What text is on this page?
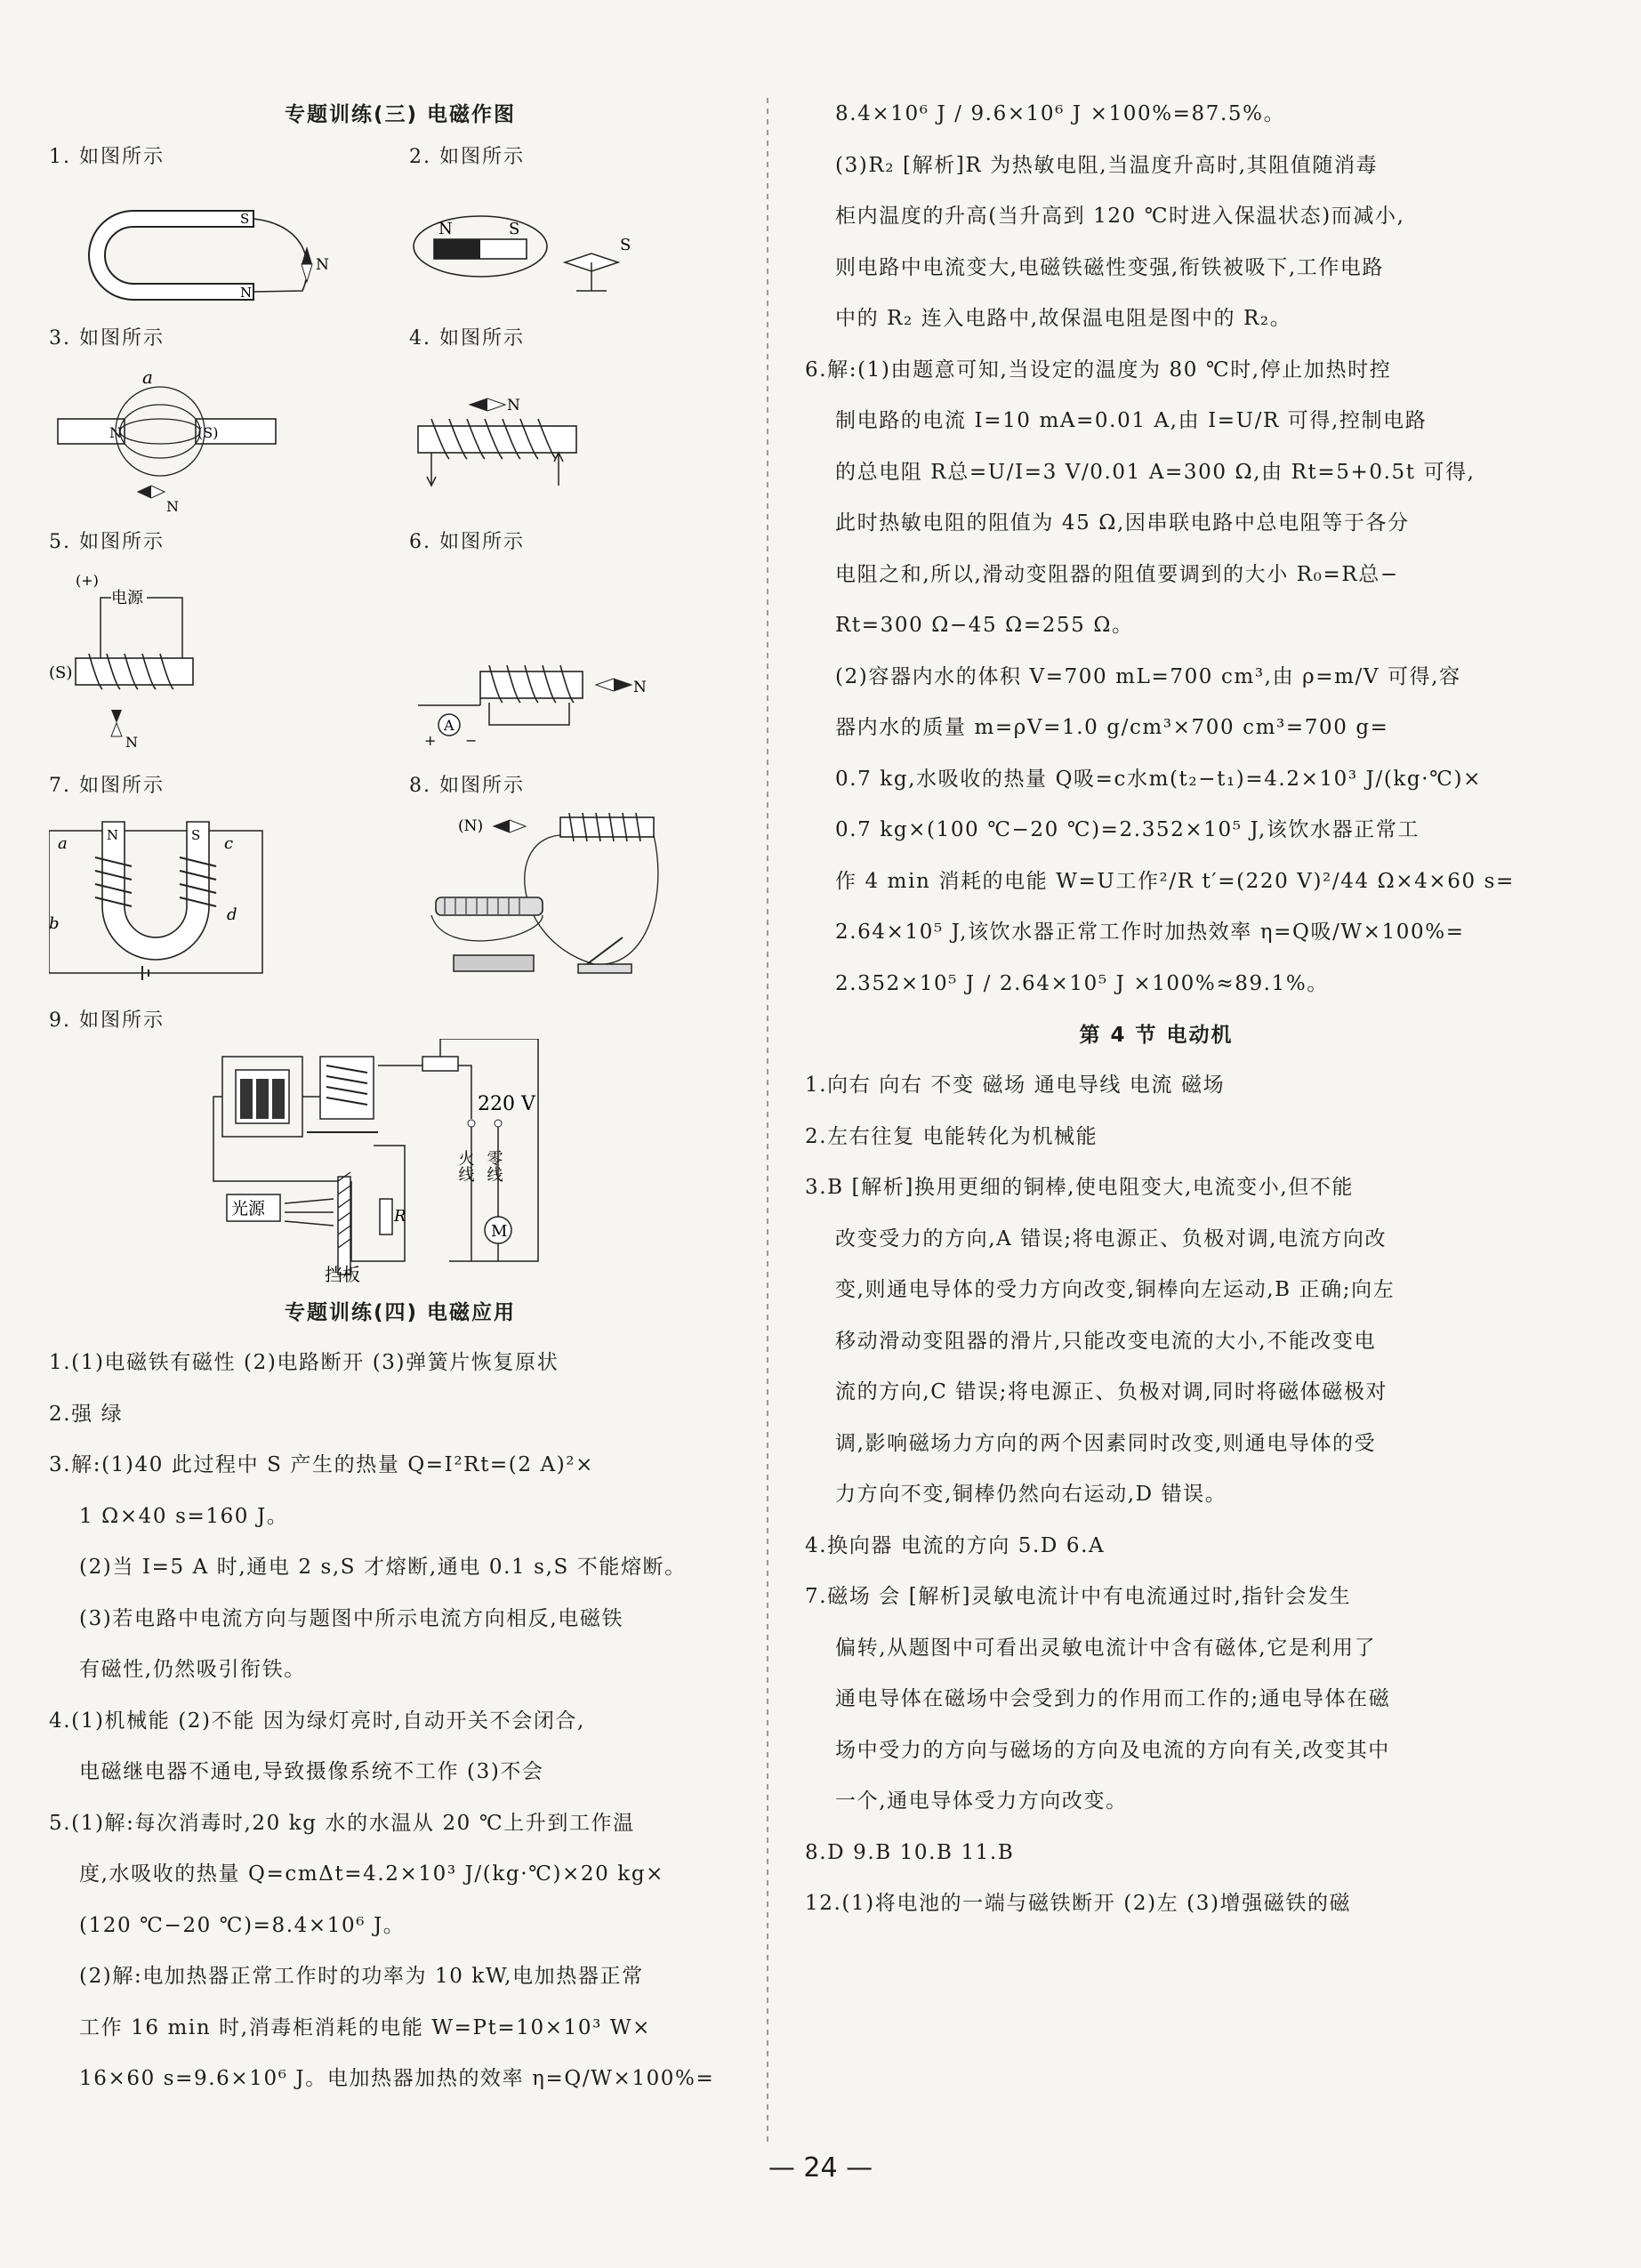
专题训练(三) 电磁作图
1. 如图所示
S
N
N
2. 如图所示
N	S
S
3. 如图所示
N	(S)
a
N
4. 如图所示
N
5. 如图所示
(+)
电源
(S)
N
6. 如图所示
N
A
+ −
7. 如图所示
N	S
a	c
b	d
8. 如图所示
(N)
9. 如图所示
220 V
火线 零线
M
光源	R
挡板
专题训练(四) 电磁应用
1.(1)电磁铁有磁性 (2)电路断开 (3)弹簧片恢复原状
2.强 绿
3.解:(1)40 此过程中 S 产生的热量 Q=I²Rt=(2 A)²×
1 Ω×40 s=160 J。
(2)当 I=5 A 时,通电 2 s,S 才熔断,通电 0.1 s,S 不能熔断。
(3)若电路中电流方向与题图中所示电流方向相反,电磁铁
有磁性,仍然吸引衔铁。
4.(1)机械能 (2)不能 因为绿灯亮时,自动开关不会闭合,
电磁继电器不通电,导致摄像系统不工作 (3)不会
5.(1)解:每次消毒时,20 kg 水的水温从 20 ℃上升到工作温
度,水吸收的热量 Q=cmΔt=4.2×10³ J/(kg·℃)×20 kg×
(120 ℃−20 ℃)=8.4×10⁶ J。
(2)解:电加热器正常工作时的功率为 10 kW,电加热器正常
工作 16 min 时,消毒柜消耗的电能 W=Pt=10×10³ W×
16×60 s=9.6×10⁶ J。电加热器加热的效率 η=Q/W×100%=
8.4×10⁶ J / 9.6×10⁶ J ×100%=87.5%。
(3)R₂ [解析]R 为热敏电阻,当温度升高时,其阻值随消毒
柜内温度的升高(当升高到 120 ℃时进入保温状态)而减小,
则电路中电流变大,电磁铁磁性变强,衔铁被吸下,工作电路
中的 R₂ 连入电路中,故保温电阻是图中的 R₂。
6.解:(1)由题意可知,当设定的温度为 80 ℃时,停止加热时控
制电路的电流 I=10 mA=0.01 A,由 I=U/R 可得,控制电路
的总电阻 R总=U/I=3 V/0.01 A=300 Ω,由 Rt=5+0.5t 可得,
此时热敏电阻的阻值为 45 Ω,因串联电路中总电阻等于各分
电阻之和,所以,滑动变阻器的阻值要调到的大小 R₀=R总−
Rt=300 Ω−45 Ω=255 Ω。
(2)容器内水的体积 V=700 mL=700 cm³,由 ρ=m/V 可得,容
器内水的质量 m=ρV=1.0 g/cm³×700 cm³=700 g=
0.7 kg,水吸收的热量 Q吸=c水m(t₂−t₁)=4.2×10³ J/(kg·℃)×
0.7 kg×(100 ℃−20 ℃)=2.352×10⁵ J,该饮水器正常工
作 4 min 消耗的电能 W=U工作²/R t′=(220 V)²/44 Ω×4×60 s=
2.64×10⁵ J,该饮水器正常工作时加热效率 η=Q吸/W×100%=
2.352×10⁵ J / 2.64×10⁵ J ×100%≈89.1%。
第 4 节 电动机
1.向右 向右 不变 磁场 通电导线 电流 磁场
2.左右往复 电能转化为机械能
3.B [解析]换用更细的铜棒,使电阻变大,电流变小,但不能
改变受力的方向,A 错误;将电源正、负极对调,电流方向改
变,则通电导体的受力方向改变,铜棒向左运动,B 正确;向左
移动滑动变阻器的滑片,只能改变电流的大小,不能改变电
流的方向,C 错误;将电源正、负极对调,同时将磁体磁极对
调,影响磁场力方向的两个因素同时改变,则通电导体的受
力方向不变,铜棒仍然向右运动,D 错误。
4.换向器 电流的方向 5.D 6.A
7.磁场 会 [解析]灵敏电流计中有电流通过时,指针会发生
偏转,从题图中可看出灵敏电流计中含有磁体,它是利用了
通电导体在磁场中会受到力的作用而工作的;通电导体在磁
场中受力的方向与磁场的方向及电流的方向有关,改变其中
一个,通电导体受力方向改变。
8.D 9.B 10.B 11.B
12.(1)将电池的一端与磁铁断开 (2)左 (3)增强磁铁的磁
— 24 —
